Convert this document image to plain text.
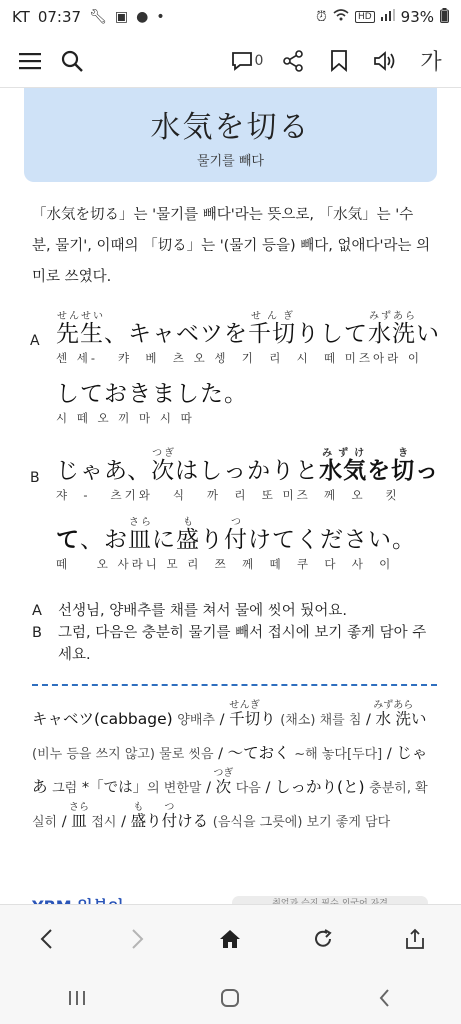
KT 07:37 🔧︎ ▣ ● •	⏰︎	HD 93%
0	가
水気を切る
물기를 빼다
「水気を切る」는 '물기를 빼다'라는 뜻으로, 「水気」는 '수분, 물기', 이때의 「切る」는 '(물기 등을) 빼다, 없애다'라는 의미로 쓰였다.
A 先生せんせい、キャベツを千切せんぎりして水洗みずあらい
센 세-   캬  베  츠 오 셍  기  리  시  떼 미즈아라 이
しておきました。
시 떼 오 끼 마 시 따
B じゃあ、次つぎはしっかりと水気みずけを切きっ
쟈  -   츠기와   식   까  리  또 미즈  께  오   킷
て、お皿さらに盛もり付つけてください。
떼    오 사라니 모 리  쯔  께  떼  쿠  다  사  이
A	선생님, 양배추를 채를 쳐서 물에 씻어 뒀어요.
B	그럼, 다음은 충분히 물기를 빼서 접시에 보기 좋게 담아 주세요.
キャベツ(cabbage) 양배추 / 千切せんぎり (채소) 채를 침 / 水洗みずあらい (비누 등을 쓰지 않고) 물로 씻음 / 〜ておく ~해 놓다[두다] / じゃあ 그럼 *「では」의 변한말 / 次つぎ 다음 / しっかり(と) 충분히, 확실히 / 皿さら 접시 / 盛もり付つける (음식을 그릇에) 보기 좋게 담다
